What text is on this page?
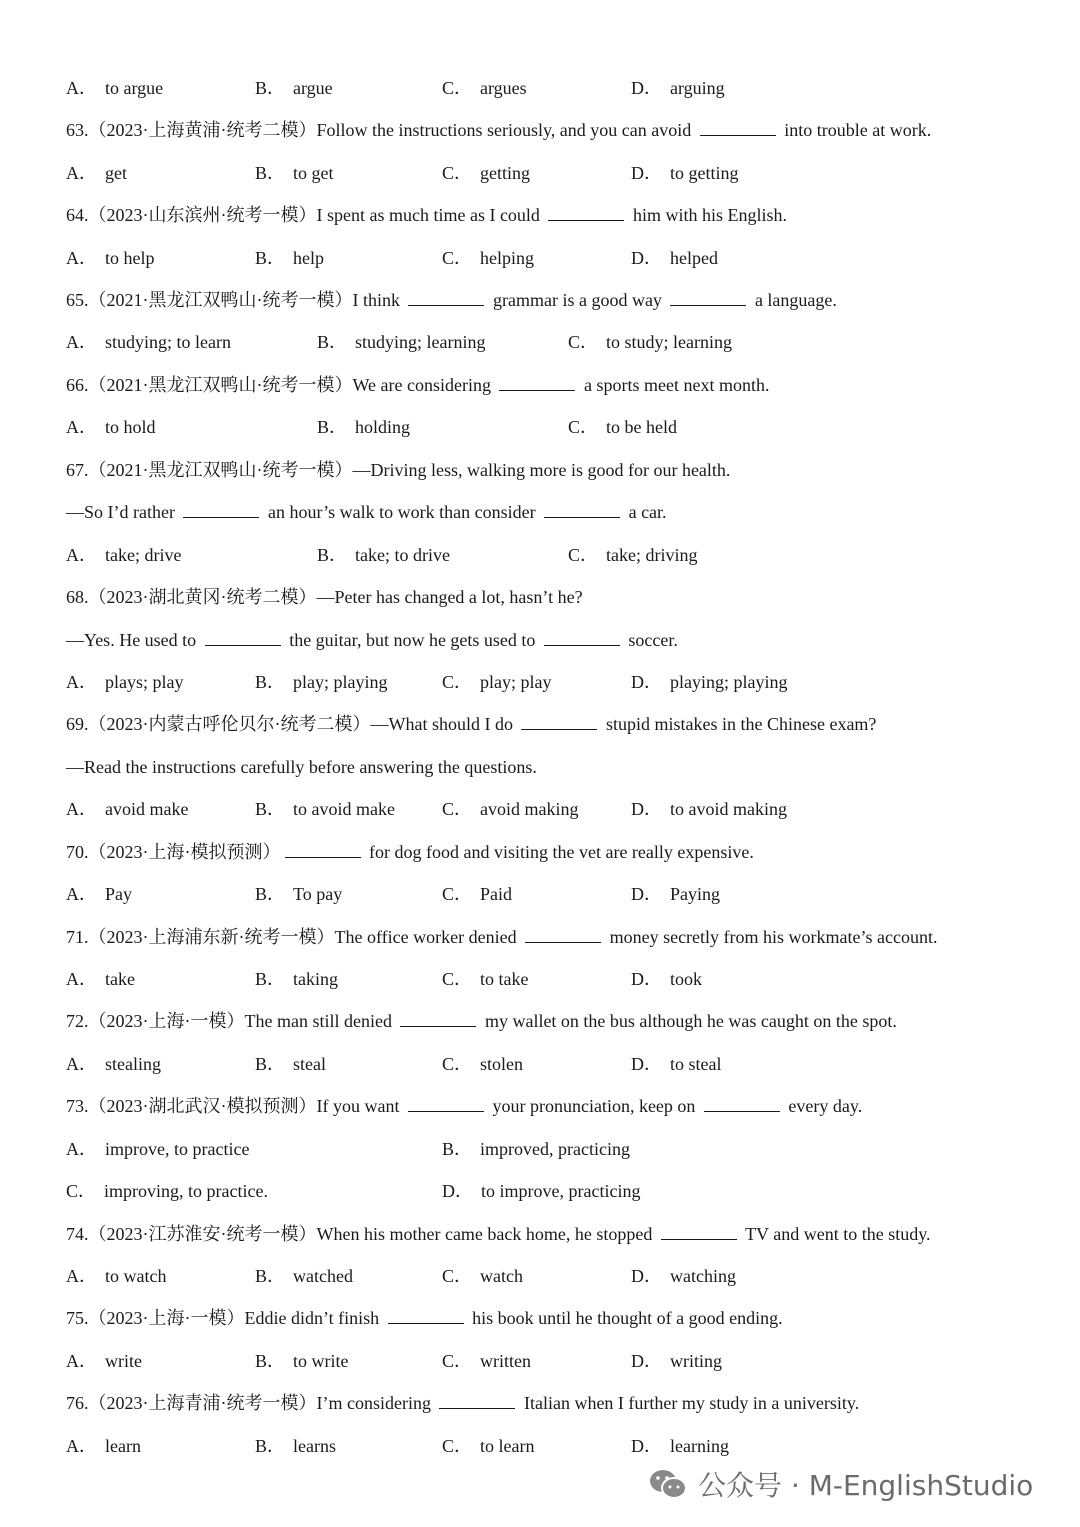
A． to argue	B． argue	C． argues	D． arguing
63.（2023·上海黄浦·统考二模）Follow the instructions seriously, and you can avoid	into trouble at work.
A． get	B． to get	C． getting	D． to getting
64.（2023·山东滨州·统考一模）I spent as much time as I could	him with his English.
A． to help	B． help	C． helping	D． helped
65.（2021·黑龙江双鸭山·统考一模）I think	grammar is a good way	a language.
A． studying; to learn	B． studying; learning	C． to study; learning
66.（2021·黑龙江双鸭山·统考一模）We are considering	a sports meet next month.
A． to hold	B． holding	C． to be held
67.（2021·黑龙江双鸭山·统考一模）—Driving less, walking more is good for our health.
—So I’d rather	an hour’s walk to work than consider	a car.
A． take; drive	B． take; to drive	C． take; driving
68.（2023·湖北黄冈·统考二模）—Peter has changed a lot, hasn’t he?
—Yes. He used to	the guitar, but now he gets used to	soccer.
A． plays; play	B． play; playing	C． play; play	D． playing; playing
69.（2023·内蒙古呼伦贝尔·统考二模）—What should I do	stupid mistakes in the Chinese exam?
—Read the instructions carefully before answering the questions.
A． avoid make	B． to avoid make	C． avoid making	D． to avoid making
70.（2023·上海·模拟预测）	for dog food and visiting the vet are really expensive.
A． Pay	B． To pay	C． Paid	D． Paying
71.（2023·上海浦东新·统考一模）The office worker denied	money secretly from his workmate’s account.
A． take	B． taking	C． to take	D． took
72.（2023·上海·一模）The man still denied	my wallet on the bus although he was caught on the spot.
A． stealing	B． steal	C． stolen	D． to steal
73.（2023·湖北武汉·模拟预测）If you want	your pronunciation, keep on	every day.
A． improve, to practice	B． improved, practicing
C． improving, to practice.	D． to improve, practicing
74.（2023·江苏淮安·统考一模）When his mother came back home, he stopped	TV and went to the study.
A． to watch	B． watched	C． watch	D． watching
75.（2023·上海·一模）Eddie didn’t finish	his book until he thought of a good ending.
A． write	B． to write	C． written	D． writing
76.（2023·上海青浦·统考一模）I’m considering	Italian when I further my study in a university.
A． learn	B． learns	C． to learn	D． learning
公众号 · M-EnglishStudio
